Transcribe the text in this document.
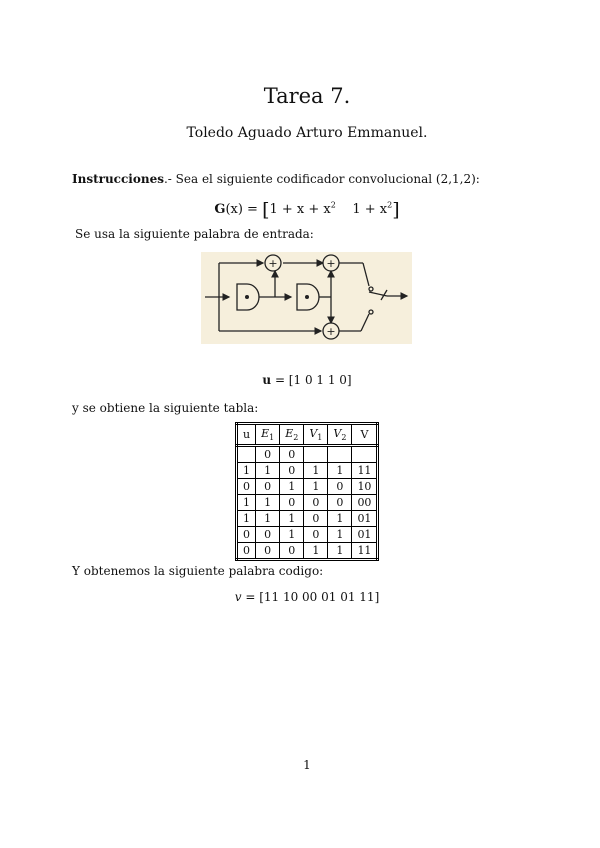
Tarea 7.
Toledo Aguado Arturo Emmanuel.
Instrucciones.- Sea el siguiente codificador convolucional (2,1,2):
$G(x) = [1 + x + x^2$ $1 + x^2$]
Se usa la siguiente palabra de entrada:
+	+
+
u = [1 0 1 1 0]
y se obtiene la siguiente tabla:
u	$E_1$	$E_2$	$V_1$	$V_2$	V
	0	0			
1	1	0	1	1	11
0	0	1	1	0	10
1	1	0	0	0	00
1	1	1	0	1	01
0	0	1	0	1	01
0	0	0	1	1	11
Y obtenemos la siguiente palabra codigo:
v = [11 10 00 01 01 11]
1
